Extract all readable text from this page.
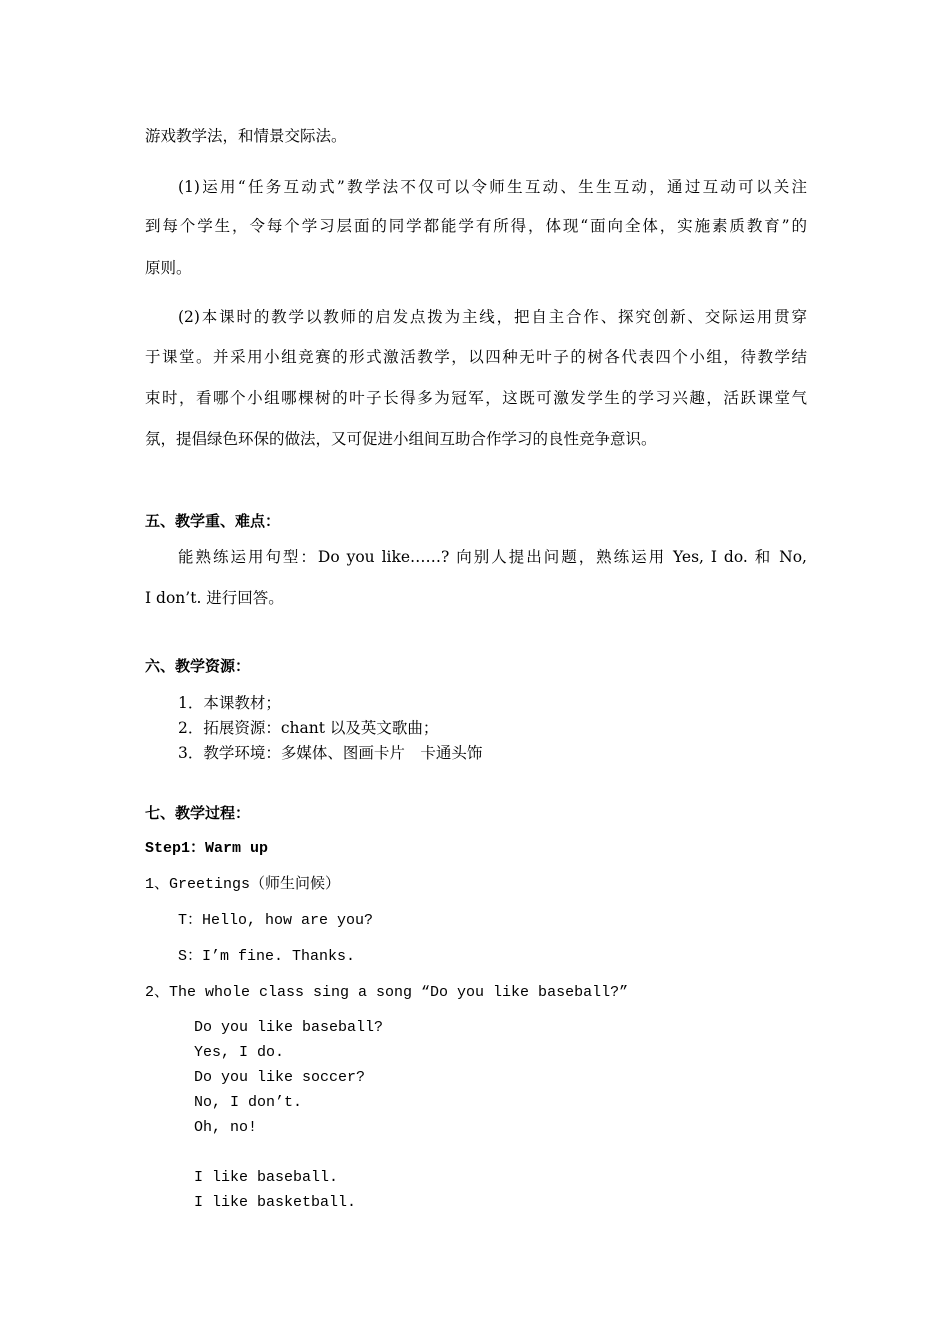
游戏教学法，和情景交际法。
(1)运用“任务互动式”教学法不仅可以令师生互动、生生互动，通过互动可以关注
到每个学生，令每个学习层面的同学都能学有所得，体现“面向全体，实施素质教育”的
原则。
(2)本课时的教学以教师的启发点拨为主线，把自主合作、探究创新、交际运用贯穿
于课堂。并采用小组竞赛的形式激活教学，以四种无叶子的树各代表四个小组，待教学结
束时，看哪个小组哪棵树的叶子长得多为冠军，这既可激发学生的学习兴趣，活跃课堂气
氛，提倡绿色环保的做法，又可促进小组间互助合作学习的良性竞争意识。
五、教学重、难点：
能熟练运用句型：Do you like……? 向别人提出问题，熟练运用 Yes, I do. 和 No,
I don’t. 进行回答。
六、教学资源：
1．本课教材；
2．拓展资源：chant 以及英文歌曲；
3．教学环境：多媒体、图画卡片　卡通头饰
七、教学过程：
Step1：Warm up
1、Greetings（师生问候）
T：Hello, how are you?
S：I’m fine. Thanks.
2、The whole class sing a song “Do you like baseball?”
Do you like baseball?
Yes, I do.
Do you like soccer?
No, I don’t.
Oh, no!
I like baseball.
I like basketball.
